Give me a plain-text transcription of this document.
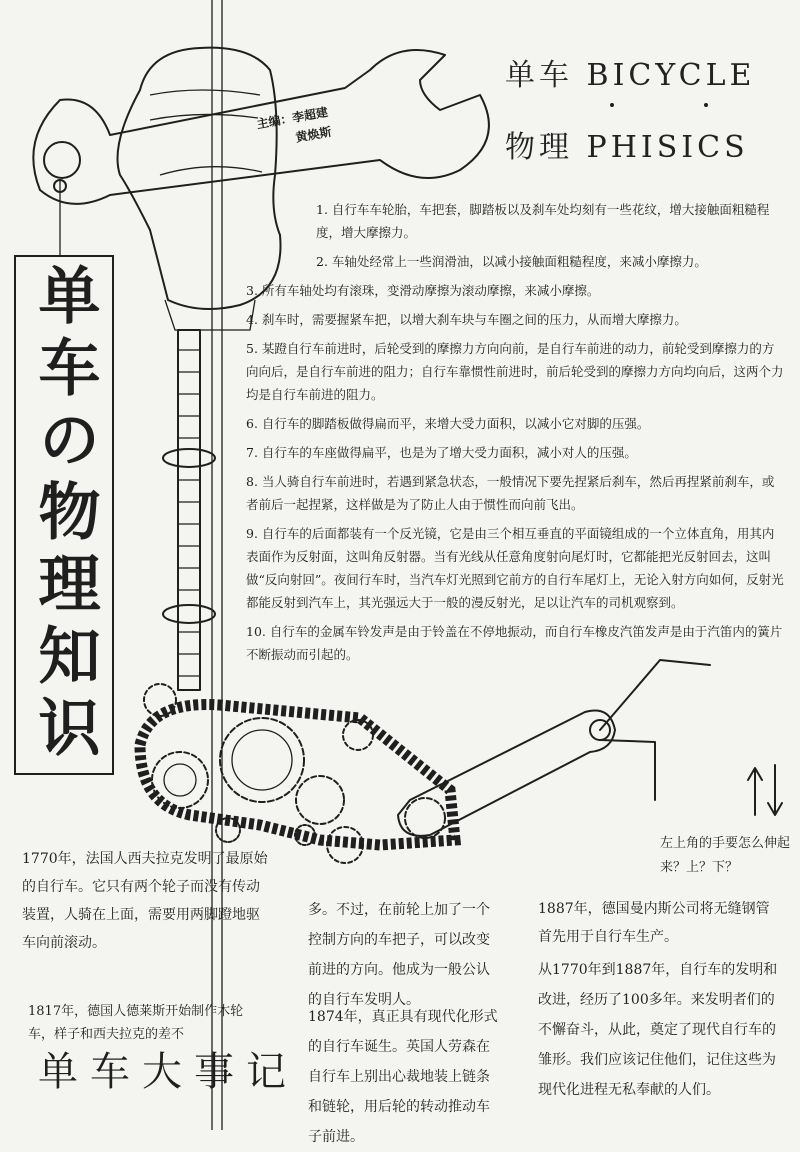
单车 BICYCLE
物理 PHISICS
主编：李超建
黄焕斯
单车の物理知识

1. 自行车车轮胎，车把套，脚踏板以及刹车处均刻有一些花纹，增大接触面粗糙程度，增大摩擦力。

2. 车轴处经常上一些润滑油，以减小接触面粗糙程度，来减小摩擦力。

3. 所有车轴处均有滚珠，变滑动摩擦为滚动摩擦，来减小摩擦。

4. 刹车时，需要握紧车把，以增大刹车块与车圈之间的压力，从而增大摩擦力。

5. 某蹬自行车前进时，后轮受到的摩擦力方向向前，是自行车前进的动力，前轮受到摩擦力的方向向后，是自行车前进的阻力；自行车靠惯性前进时，前后轮受到的摩擦力方向均向后，这两个力均是自行车前进的阻力。

6. 自行车的脚踏板做得扁而平，来增大受力面积，以减小它对脚的压强。

7. 自行车的车座做得扁平，也是为了增大受力面积，减小对人的压强。

8. 当人骑自行车前进时，若遇到紧急状态，一般情况下要先捏紧后刹车，然后再捏紧前刹车，或者前后一起捏紧，这样做是为了防止人由于惯性而向前飞出。

9. 自行车的后面都装有一个反光镜，它是由三个相互垂直的平面镜组成的一个立体直角，用其内表面作为反射面，这叫角反射器。当有光线从任意角度射向尾灯时，它都能把光反射回去，这叫做“反向射回”。夜间行车时，当汽车灯光照到它前方的自行车尾灯上，无论入射方向如何，反射光都能反射到汽车上，其光强远大于一般的漫反射光，足以让汽车的司机观察到。

10. 自行车的金属车铃发声是由于铃盖在不停地振动，而自行车橡皮汽笛发声是由于汽笛内的簧片不断振动而引起的。

左上角的手要怎么伸起来？上？下？
1770年，法国人西夫拉克发明了最原始的自行车。它只有两个轮子而没有传动装置，人骑在上面，需要用两脚蹬地驱车向前滚动。
1817年，德国人德莱斯开始制作木轮车，样子和西夫拉克的差不
多。不过，在前轮上加了一个控制方向的车把子，可以改变前进的方向。他成为一般公认的自行车发明人。
1874年，真正具有现代化形式的自行车诞生。英国人劳森在自行车上别出心裁地装上链条和链轮，用后轮的转动推动车子前进。
1887年，德国曼内斯公司将无缝钢管首先用于自行车生产。
从1770年到1887年，自行车的发明和改进，经历了100多年。来发明者们的不懈奋斗，从此，奠定了现代自行车的雏形。我们应该记住他们，记住这些为现代化进程无私奉献的人们。
单车大事记
